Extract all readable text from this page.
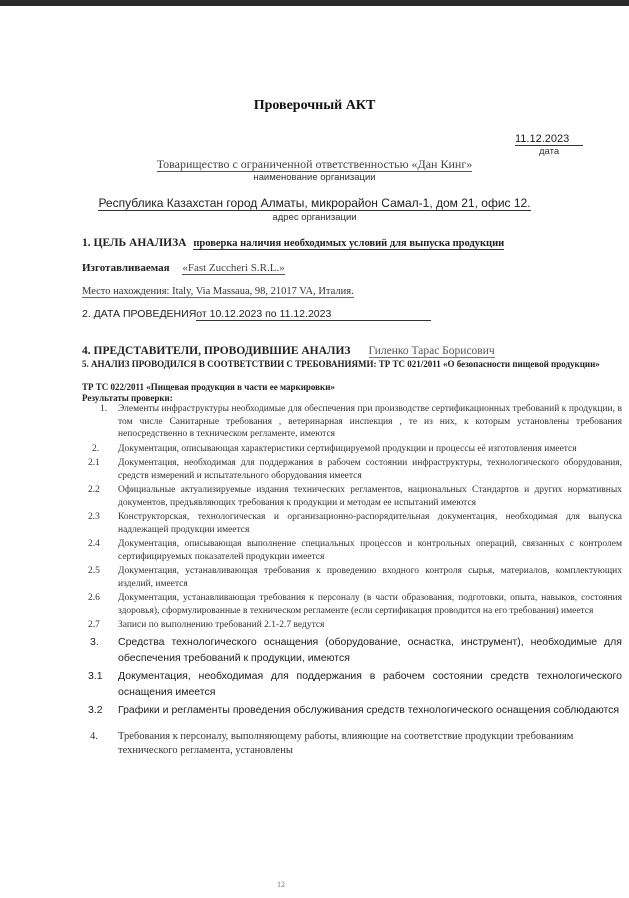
Проверочный АКТ
11.12.2023
дата
Товарищество с ограниченной ответственностью «Дан Кинг»
наименование организации
Республика Казахстан город Алматы, микрорайон Самал-1, дом 21, офис 12.
адрес организации
1. ЦЕЛЬ АНАЛИЗА проверка наличия необходимых условий для выпуска продукции
Изготавливаемая «Fast Zuccheri S.R.L.»
Место нахождения: Italy, Via Massaua, 98, 21017 VA, Италия.
2. ДАТА ПРОВЕДЕНИЯот 10.12.2023 по 11.12.2023
4. ПРЕДСТАВИТЕЛИ, ПРОВОДИВШИЕ АНАЛИЗ Гиленко Тарас Борисович
5. АНАЛИЗ ПРОВОДИЛСЯ В СООТВЕТСТВИИ С ТРЕБОВАНИЯМИ: ТР ТС 021/2011 «О безопасности пищевой продукции»
ТР ТС 022/2011 «Пищевая продукция в части ее маркировки»
Результаты проверки:
1.	Элементы инфраструктуры необходимые для обеспечения при производстве сертификационных требований к продукции, в том числе Санитарные требования , ветеринарная инспекция , те из них, к которым установлены требования непосредственно в техническом регламенте, имеются
2.	Документация, описывающая характеристики сертифицируемой продукции и процессы её изготовления имеется
2.1	Документация, необходимая для поддержания в рабочем состоянии инфраструктуры, технологического оборудования, средств измерений и испытательного оборудования имеется
2.2	Официальные актуализируемые издания технических регламентов, национальных Стандартов и других нормативных документов, предъявляющих требования к продукции и методам ее испытаний имеются
2.3	Конструкторская, технологическая и организационно-распорядительная документация, необходимая для выпуска надлежащей продукции имеется
2.4	Документация, описывающая выполнение специальных процессов и контрольных операций, связанных с контролем сертифицируемых показателей продукции имеется
2.5	Документация, устанавливающая требования к проведению входного контроля сырья, материалов, комплектующих изделий, имеется
2.6	Документация, устанавливающая требования к персоналу (в части образования, подготовки, опыта, навыков, состояния здоровья), сформулированные в техническом регламенте (если сертификация проводится на его требования) имеется
2.7	Записи по выполнению требований 2.1-2.7 ведутся
3.	Средства технологического оснащения (оборудование, оснастка, инструмент), необходимые для обеспечения требований к продукции, имеются
3.1	Документация, необходимая для поддержания в рабочем состоянии средств технологического оснащения имеется
3.2	Графики и регламенты проведения обслуживания средств технологического оснащения соблюдаются
4.	Требования к персоналу, выполняющему работы, влияющие на соответствие продукции требованиям технического регламента, установлены
12
